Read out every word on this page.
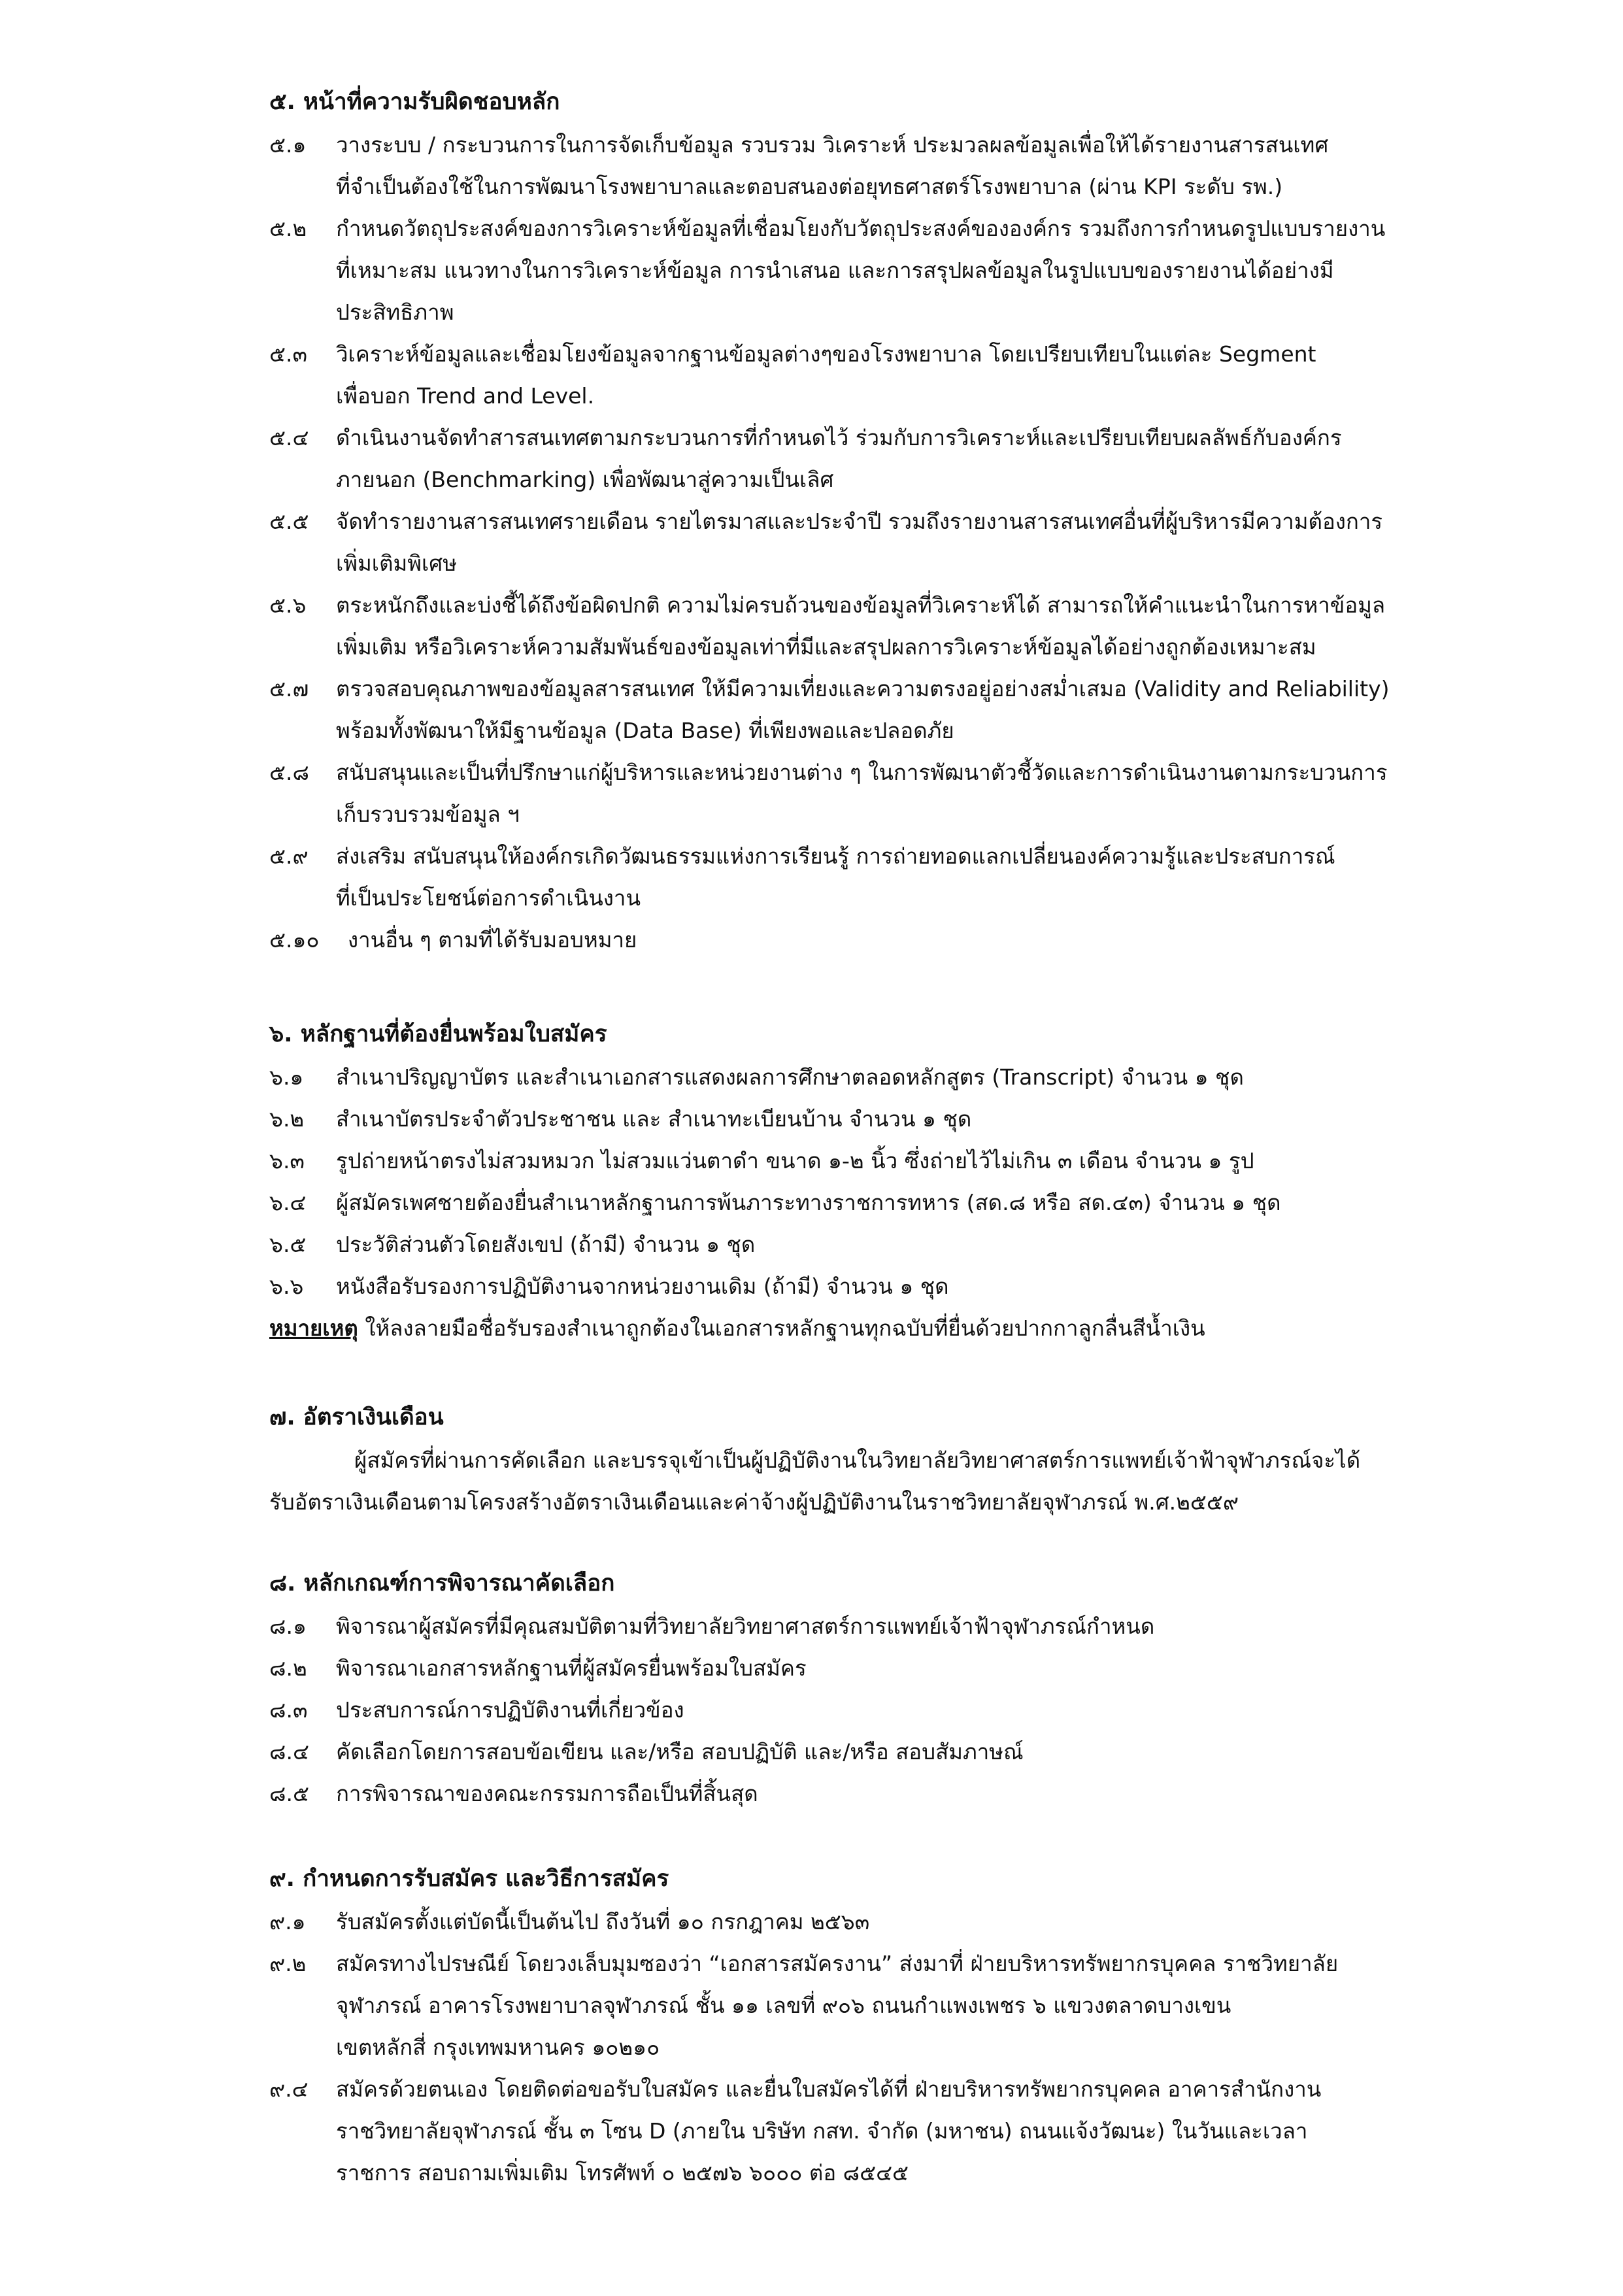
๕. หน้าที่ความรับผิดชอบหลัก
๕.๑ วางระบบ / กระบวนการในการจัดเก็บข้อมูล รวบรวม วิเคราะห์ ประมวลผลข้อมูลเพื่อให้ได้รายงานสารสนเทศ
ที่จำเป็นต้องใช้ในการพัฒนาโรงพยาบาลและตอบสนองต่อยุทธศาสตร์โรงพยาบาล (ผ่าน KPI ระดับ รพ.)
๕.๒ กำหนดวัตถุประสงค์ของการวิเคราะห์ข้อมูลที่เชื่อมโยงกับวัตถุประสงค์ขององค์กร รวมถึงการกำหนดรูปแบบรายงาน
ที่เหมาะสม แนวทางในการวิเคราะห์ข้อมูล การนำเสนอ และการสรุปผลข้อมูลในรูปแบบของรายงานได้อย่างมี
ประสิทธิภาพ
๕.๓ วิเคราะห์ข้อมูลและเชื่อมโยงข้อมูลจากฐานข้อมูลต่างๆของโรงพยาบาล โดยเปรียบเทียบในแต่ละ Segment
เพื่อบอก Trend and Level.
๕.๔ ดำเนินงานจัดทำสารสนเทศตามกระบวนการที่กำหนดไว้ ร่วมกับการวิเคราะห์และเปรียบเทียบผลลัพธ์กับองค์กร
ภายนอก (Benchmarking) เพื่อพัฒนาสู่ความเป็นเลิศ
๕.๕ จัดทำรายงานสารสนเทศรายเดือน รายไตรมาสและประจำปี รวมถึงรายงานสารสนเทศอื่นที่ผู้บริหารมีความต้องการ
เพิ่มเติมพิเศษ
๕.๖ ตระหนักถึงและบ่งชี้ได้ถึงข้อผิดปกติ ความไม่ครบถ้วนของข้อมูลที่วิเคราะห์ได้ สามารถให้คำแนะนำในการหาข้อมูล
เพิ่มเติม หรือวิเคราะห์ความสัมพันธ์ของข้อมูลเท่าที่มีและสรุปผลการวิเคราะห์ข้อมูลได้อย่างถูกต้องเหมาะสม
๕.๗ ตรวจสอบคุณภาพของข้อมูลสารสนเทศ ให้มีความเที่ยงและความตรงอยู่อย่างสม่ำเสมอ (Validity and Reliability)
พร้อมทั้งพัฒนาให้มีฐานข้อมูล (Data Base) ที่เพียงพอและปลอดภัย
๕.๘ สนับสนุนและเป็นที่ปรึกษาแก่ผู้บริหารและหน่วยงานต่าง ๆ ในการพัฒนาตัวชี้วัดและการดำเนินงานตามกระบวนการ
เก็บรวบรวมข้อมูล ฯ
๕.๙ ส่งเสริม สนับสนุนให้องค์กรเกิดวัฒนธรรมแห่งการเรียนรู้ การถ่ายทอดแลกเปลี่ยนองค์ความรู้และประสบการณ์
ที่เป็นประโยชน์ต่อการดำเนินงาน
๕.๑๐	งานอื่น ๆ ตามที่ได้รับมอบหมาย
๖. หลักฐานที่ต้องยื่นพร้อมใบสมัคร
๖.๑ สำเนาปริญญาบัตร และสำเนาเอกสารแสดงผลการศึกษาตลอดหลักสูตร (Transcript) จำนวน ๑ ชุด
๖.๒ สำเนาบัตรประจำตัวประชาชน และ สำเนาทะเบียนบ้าน จำนวน ๑ ชุด
๖.๓ รูปถ่ายหน้าตรงไม่สวมหมวก ไม่สวมแว่นตาดำ ขนาด ๑-๒ นิ้ว ซึ่งถ่ายไว้ไม่เกิน ๓ เดือน จำนวน ๑ รูป
๖.๔ ผู้สมัครเพศชายต้องยื่นสำเนาหลักฐานการพ้นภาระทางราชการทหาร (สด.๘ หรือ สด.๔๓) จำนวน ๑ ชุด
๖.๕ ประวัติส่วนตัวโดยสังเขป (ถ้ามี) จำนวน ๑ ชุด
๖.๖ หนังสือรับรองการปฏิบัติงานจากหน่วยงานเดิม (ถ้ามี) จำนวน ๑ ชุด
หมายเหตุ ให้ลงลายมือชื่อรับรองสำเนาถูกต้องในเอกสารหลักฐานทุกฉบับที่ยื่นด้วยปากกาลูกลื่นสีน้ำเงิน
๗. อัตราเงินเดือน
ผู้สมัครที่ผ่านการคัดเลือก และบรรจุเข้าเป็นผู้ปฏิบัติงานในวิทยาลัยวิทยาศาสตร์การแพทย์เจ้าฟ้าจุฬาภรณ์จะได้
รับอัตราเงินเดือนตามโครงสร้างอัตราเงินเดือนและค่าจ้างผู้ปฏิบัติงานในราชวิทยาลัยจุฬาภรณ์ พ.ศ.๒๕๕๙
๘. หลักเกณฑ์การพิจารณาคัดเลือก
๘.๑ พิจารณาผู้สมัครที่มีคุณสมบัติตามที่วิทยาลัยวิทยาศาสตร์การแพทย์เจ้าฟ้าจุฬาภรณ์กำหนด
๘.๒ พิจารณาเอกสารหลักฐานที่ผู้สมัครยื่นพร้อมใบสมัคร
๘.๓ ประสบการณ์การปฏิบัติงานที่เกี่ยวข้อง
๘.๔ คัดเลือกโดยการสอบข้อเขียน และ/หรือ สอบปฏิบัติ และ/หรือ สอบสัมภาษณ์
๘.๕ การพิจารณาของคณะกรรมการถือเป็นที่สิ้นสุด
๙. กำหนดการรับสมัคร และวิธีการสมัคร
๙.๑ รับสมัครตั้งแต่บัดนี้เป็นต้นไป ถึงวันที่ ๑๐ กรกฎาคม ๒๕๖๓
๙.๒ สมัครทางไปรษณีย์ โดยวงเล็บมุมซองว่า “เอกสารสมัครงาน” ส่งมาที่ ฝ่ายบริหารทรัพยากรบุคคล ราชวิทยาลัย
จุฬาภรณ์ อาคารโรงพยาบาลจุฬาภรณ์ ชั้น ๑๑ เลขที่ ๙๐๖ ถนนกำแพงเพชร ๖ แขวงตลาดบางเขน
เขตหลักสี่ กรุงเทพมหานคร ๑๐๒๑๐
๙.๔ สมัครด้วยตนเอง โดยติดต่อขอรับใบสมัคร และยื่นใบสมัครได้ที่ ฝ่ายบริหารทรัพยากรบุคคล อาคารสำนักงาน
ราชวิทยาลัยจุฬาภรณ์ ชั้น ๓ โซน D (ภายใน บริษัท กสท. จำกัด (มหาชน) ถนนแจ้งวัฒนะ) ในวันและเวลา
ราชการ สอบถามเพิ่มเติม โทรศัพท์ ๐ ๒๕๗๖ ๖๐๐๐ ต่อ ๘๕๔๕
